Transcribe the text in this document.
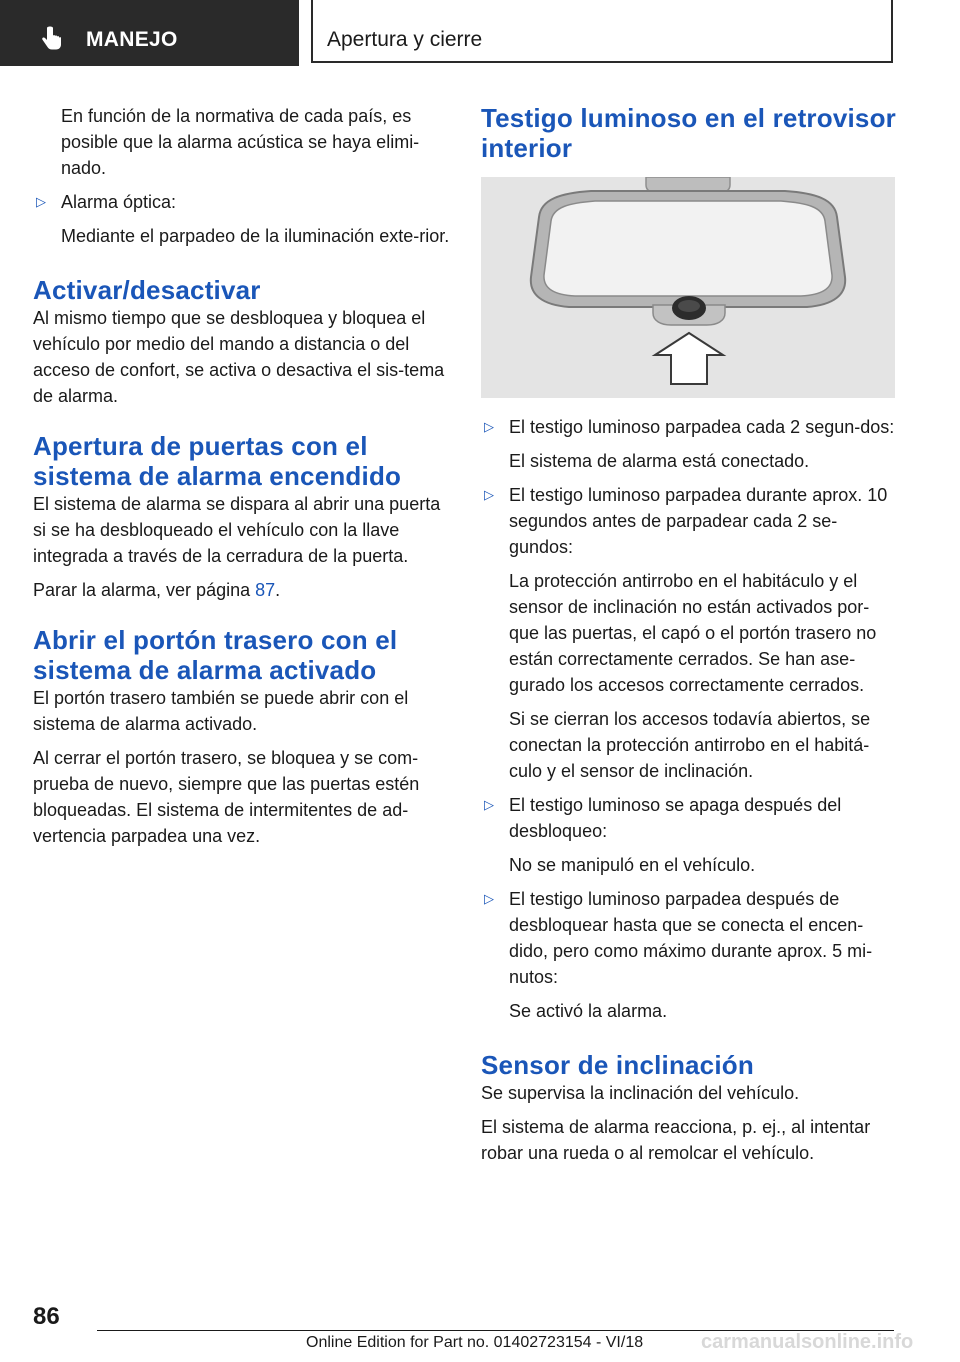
MANEJO	Apertura y cierre

En función de la normativa de cada país, es posible que la alarma acústica se haya elimi-nado.

▷ Alarma óptica:

Mediante el parpadeo de la iluminación exte-rior.

Activar/desactivar

Al mismo tiempo que se desbloquea y bloquea el vehículo por medio del mando a distancia o del acceso de confort, se activa o desactiva el sis-tema de alarma.

Apertura de puertas con el sistema de alarma encendido

El sistema de alarma se dispara al abrir una puerta si se ha desbloqueado el vehículo con la llave integrada a través de la cerradura de la puerta.

Parar la alarma, ver página 87.

Abrir el portón trasero con el sistema de alarma activado

El portón trasero también se puede abrir con el sistema de alarma activado.

Al cerrar el portón trasero, se bloquea y se com-prueba de nuevo, siempre que las puertas estén bloqueadas. El sistema de intermitentes de ad-vertencia parpadea una vez.

Testigo luminoso en el retrovisor interior
▷ El testigo luminoso parpadea cada 2 segun-dos:

El sistema de alarma está conectado.

▷ El testigo luminoso parpadea durante aprox. 10 segundos antes de parpadear cada 2 se-gundos:

La protección antirrobo en el habitáculo y el sensor de inclinación no están activados por-que las puertas, el capó o el portón trasero no están correctamente cerrados. Se han ase-gurado los accesos correctamente cerrados.

Si se cierran los accesos todavía abiertos, se conectan la protección antirrobo en el habitá-culo y el sensor de inclinación.

▷ El testigo luminoso se apaga después del desbloqueo:

No se manipuló en el vehículo.

▷ El testigo luminoso parpadea después de desbloquear hasta que se conecta el encen-dido, pero como máximo durante aprox. 5 mi-nutos:

Se activó la alarma.

Sensor de inclinación

Se supervisa la inclinación del vehículo.

El sistema de alarma reacciona, p. ej., al intentar robar una rueda o al remolcar el vehículo.

86
Online Edition for Part no. 01402723154 - VI/18	carmanualsonline.info
